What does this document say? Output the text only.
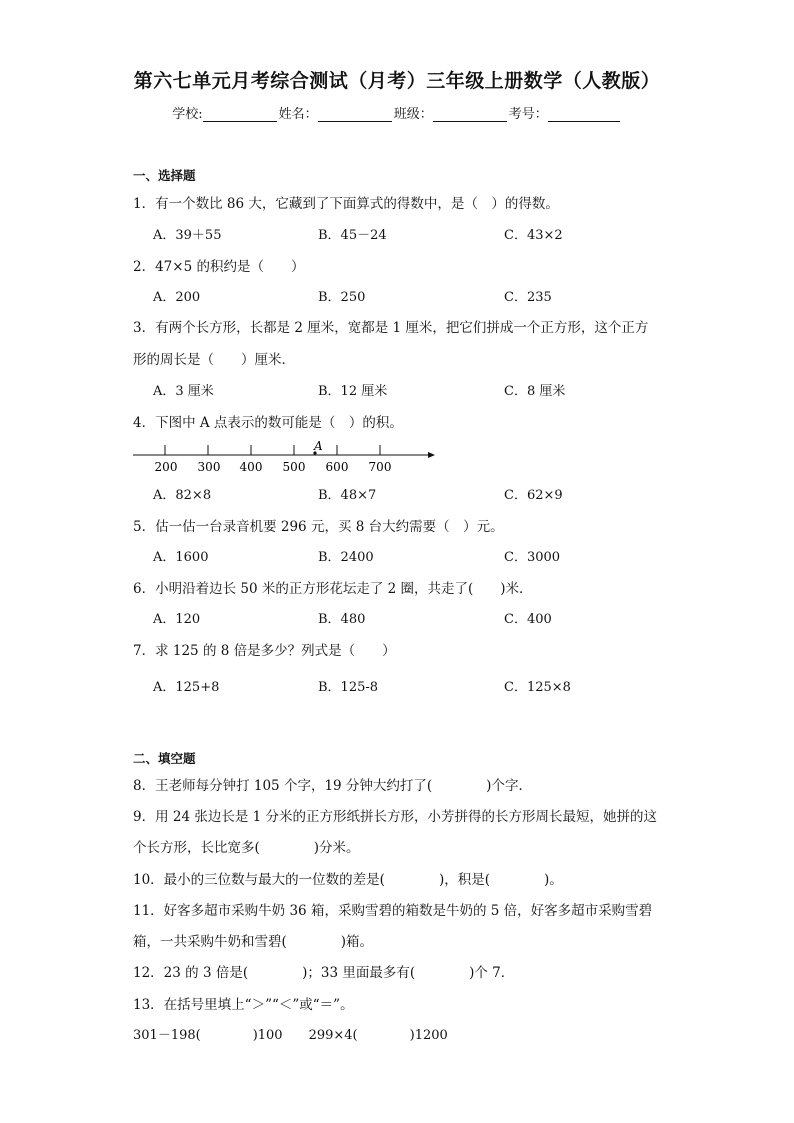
第六七单元月考综合测试（月考）三年级上册数学（人教版）
学校:	姓名：	班级：	考号：
一、选择题
1．有一个数比 86 大，它藏到了下面算式的得数中，是（　）的得数。
A．39＋55	B．45－24	C．43×2
2．47×5 的积约是（　　）
A．200	B．250	C．235
3．有两个长方形，长都是 2 厘米，宽都是 1 厘米，把它们拼成一个正方形，这个正方
形的周长是（　　）厘米．
A．3 厘米	B．12 厘米	C．8 厘米
4．下图中 A 点表示的数可能是（　）的积。
A
200 300 400 500 600 700
A．82×8	B．48×7	C．62×9
5．估一估一台录音机要 296 元，买 8 台大约需要（　）元。
A．1600	B．2400	C．3000
6．小明沿着边长 50 米的正方形花坛走了 2 圈，共走了(　　)米．
A．120	B．480	C．400
7．求 125 的 8 倍是多少？列式是（　　）
A．125+8	B．125-8	C．125×8
二、填空题
8．王老师每分钟打 105 个字，19 分钟大约打了(　　　　)个字．
9．用 24 张边长是 1 分米的正方形纸拼长方形，小芳拼得的长方形周长最短，她拼的这
个长方形，长比宽多(　　　　)分米。
10．最小的三位数与最大的一位数的差是(　　　　)，积是(　　　　)。
11．好客多超市采购牛奶 36 箱，采购雪碧的箱数是牛奶的 5 倍，好客多超市采购雪碧
箱，一共采购牛奶和雪碧(　　　　)箱。
12．23 的 3 倍是(　　　　)；33 里面最多有(　　　　)个 7．
13．在括号里填上“＞”“＜”或“＝”。
301－198(　　　　)100　　299×4(　　　　)1200
